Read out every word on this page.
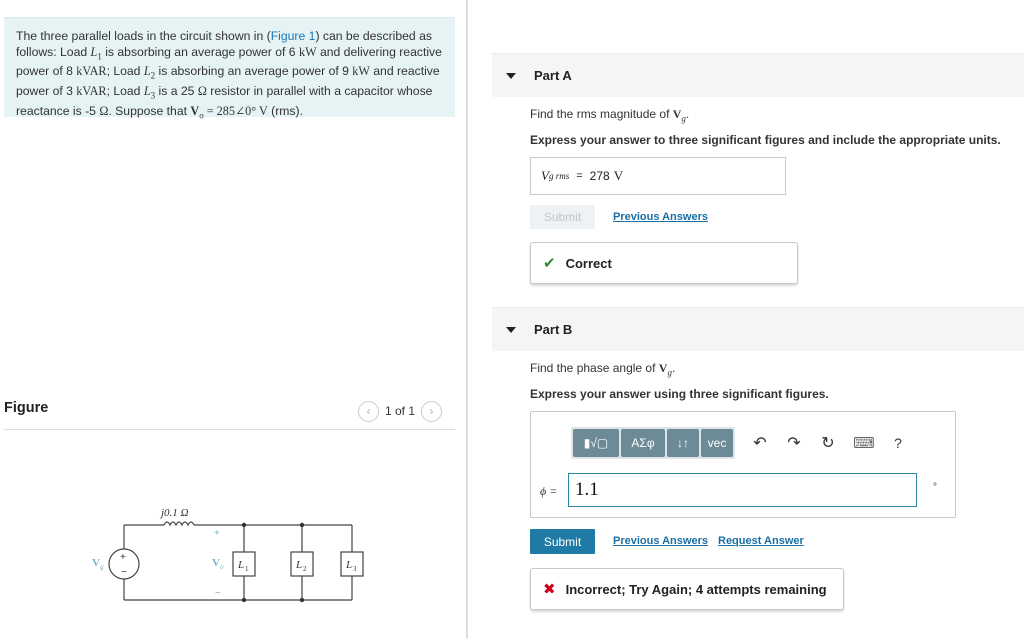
The three parallel loads in the circuit shown in (Figure 1) can be described as follows: Load $L_1$ is absorbing an average power of 6 kW and delivering reactive power of 8 kVAR; Load $L_2$ is absorbing an average power of 9 kW and reactive power of 3 kVAR; Load $L_3$ is a 25 Ω resistor in parallel with a capacitor whose reactance is -5 Ω. Suppose that $V_o$ = 285∠0° V (rms).
Figure	‹ 1 of 1 ›
+
−
j0.1 Ω
V g
+
V o
−
L 1	L 2	L 3
Part A
Find the rms magnitude of $V_g$.
Express your answer to three significant figures and include the appropriate units.
V g rms = 278 V
Submit	Previous Answers
✔ Correct
Part B
Find the phase angle of $V_g$.
Express your answer using three significant figures.
▮√▢	ΑΣφ	↓↑	vec	↶	↷	↻	⌨	?
ϕ = 1.1	°
Submit	Previous Answers Request Answer
✖ Incorrect; Try Again; 4 attempts remaining
